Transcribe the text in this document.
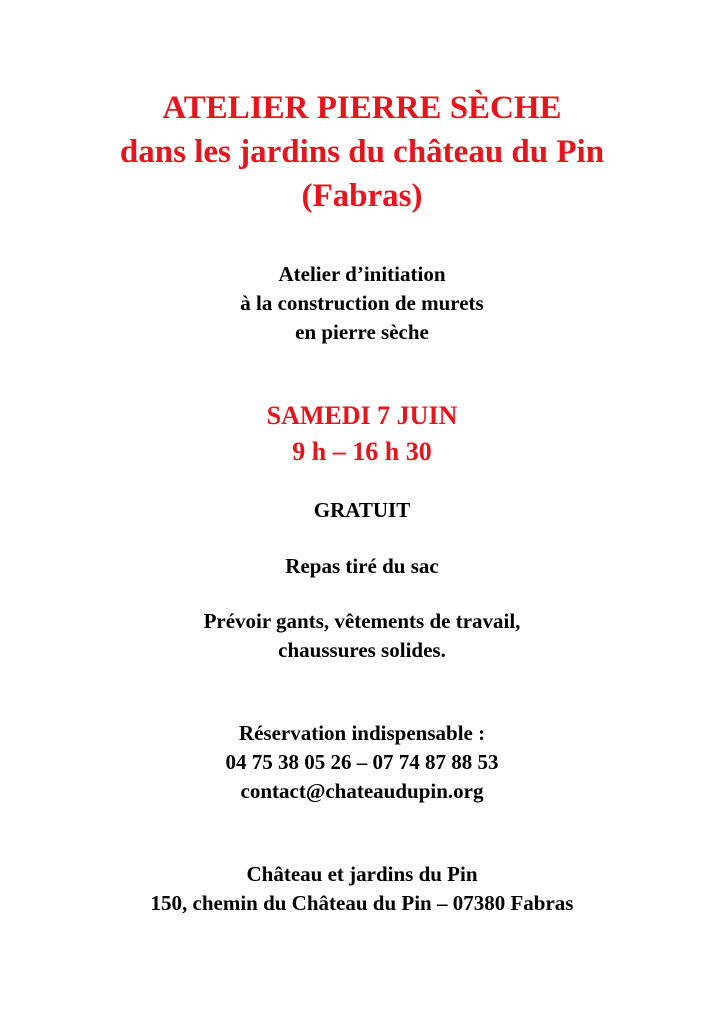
ATELIER PIERRE SÈCHE
dans les jardins du château du Pin
(Fabras)
Atelier d’initiation
à la construction de murets
en pierre sèche
SAMEDI 7 JUIN
9 h – 16 h 30
GRATUIT
Repas tiré du sac
Prévoir gants, vêtements de travail,
chaussures solides.
Réservation indispensable :
04 75 38 05 26 – 07 74 87 88 53
contact@chateaudupin.org
Château et jardins du Pin
150, chemin du Château du Pin – 07380 Fabras
